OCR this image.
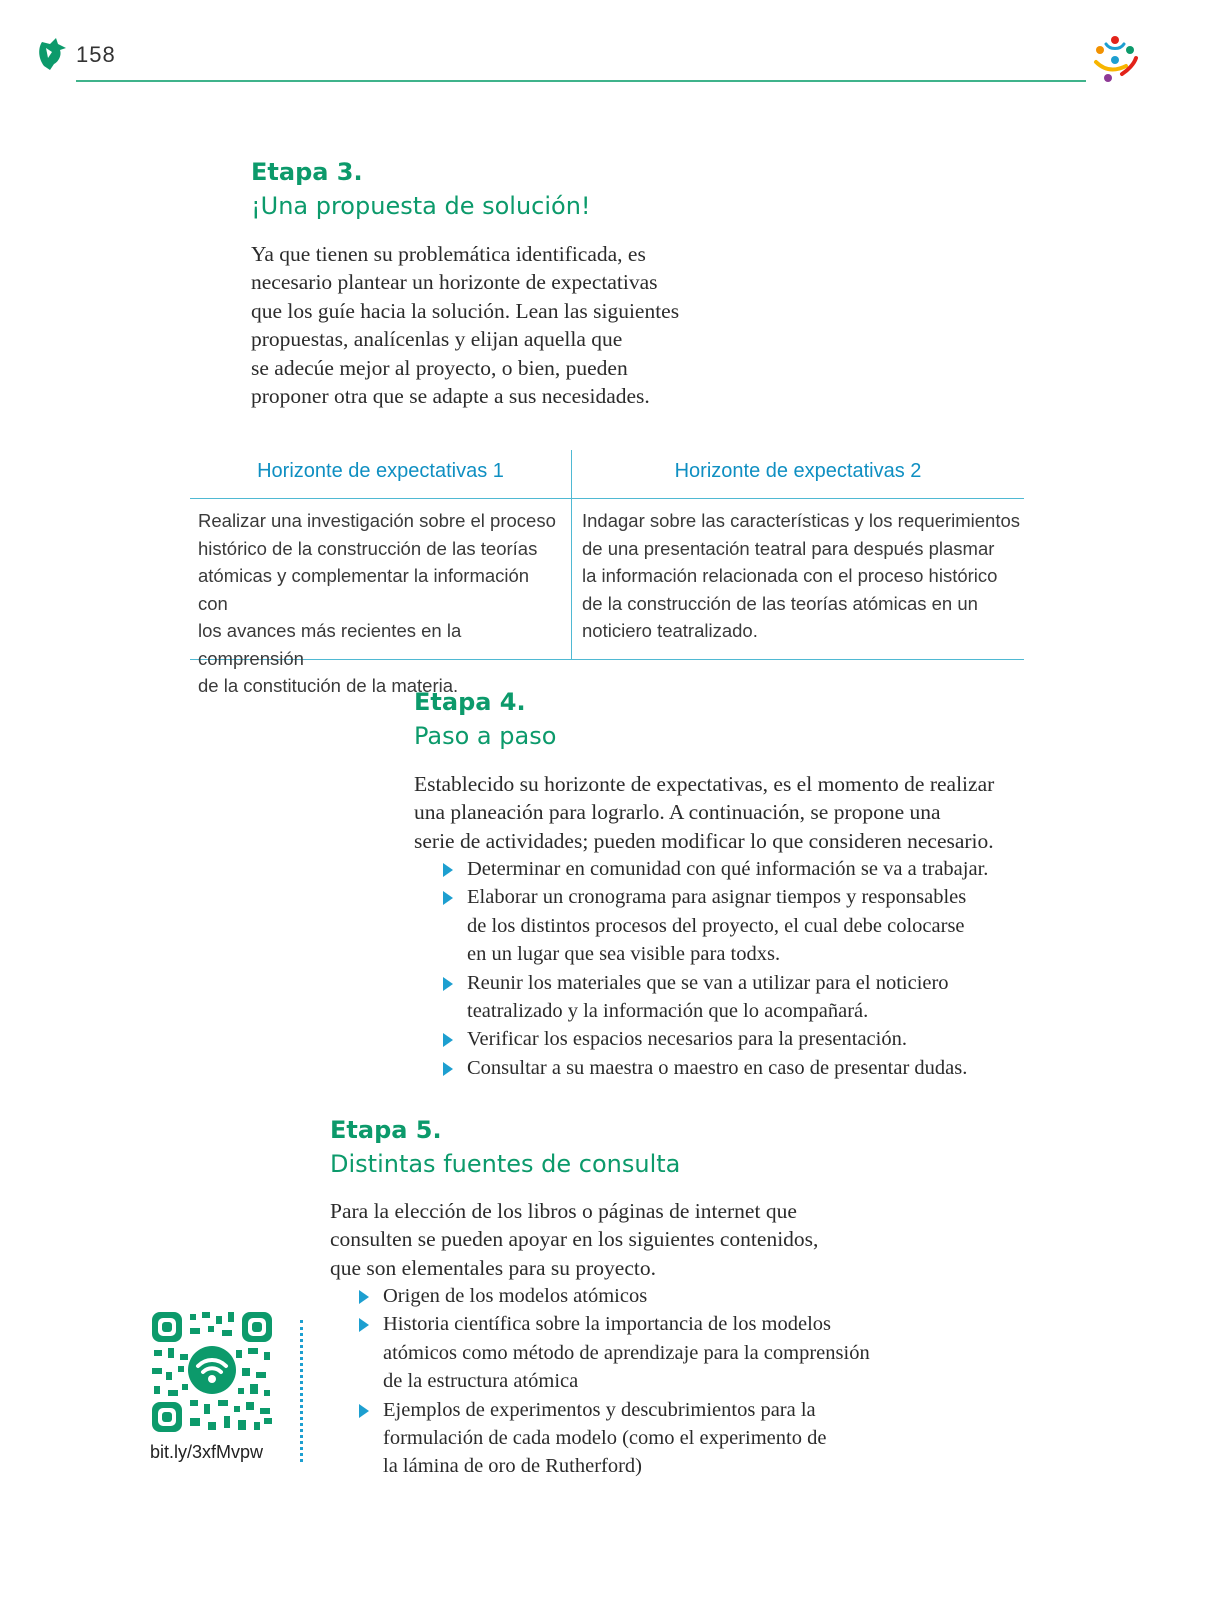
158
Etapa 3.
¡Una propuesta de solución!

Ya que tienen su problemática identificada, es
necesario plantear un horizonte de expectativas
que los guíe hacia la solución. Lean las siguientes
propuestas, analícenlas y elijan aquella que
se adecúe mejor al proyecto, o bien, pueden
proponer otra que se adapte a sus necesidades.

Horizonte de expectativas 1	Horizonte de expectativas 2

Realizar una investigación sobre el proceso
histórico de la construcción de las teorías
atómicas y complementar la información con
los avances más recientes en la comprensión
de la constitución de la materia.

Indagar sobre las características y los requerimientos
de una presentación teatral para después plasmar
la información relacionada con el proceso histórico
de la construcción de las teorías atómicas en un
noticiero teatralizado.

Etapa 4.
Paso a paso

Establecido su horizonte de expectativas, es el momento de realizar
una planeación para lograrlo. A continuación, se propone una
serie de actividades; pueden modificar lo que consideren necesario.

Determinar en comunidad con qué información se va a trabajar.
Elaborar un cronograma para asignar tiempos y responsables
de los distintos procesos del proyecto, el cual debe colocarse
en un lugar que sea visible para todxs.
Reunir los materiales que se van a utilizar para el noticiero
teatralizado y la información que lo acompañará.
Verificar los espacios necesarios para la presentación.
Consultar a su maestra o maestro en caso de presentar dudas.
Etapa 5.
Distintas fuentes de consulta

Para la elección de los libros o páginas de internet que
consulten se pueden apoyar en los siguientes contenidos,
que son elementales para su proyecto.

Origen de los modelos atómicos
Historia científica sobre la importancia de los modelos
atómicos como método de aprendizaje para la comprensión
de la estructura atómica
Ejemplos de experimentos y descubrimientos para la
formulación de cada modelo (como el experimento de
la lámina de oro de Rutherford)
bit.ly/3xfMvpw
